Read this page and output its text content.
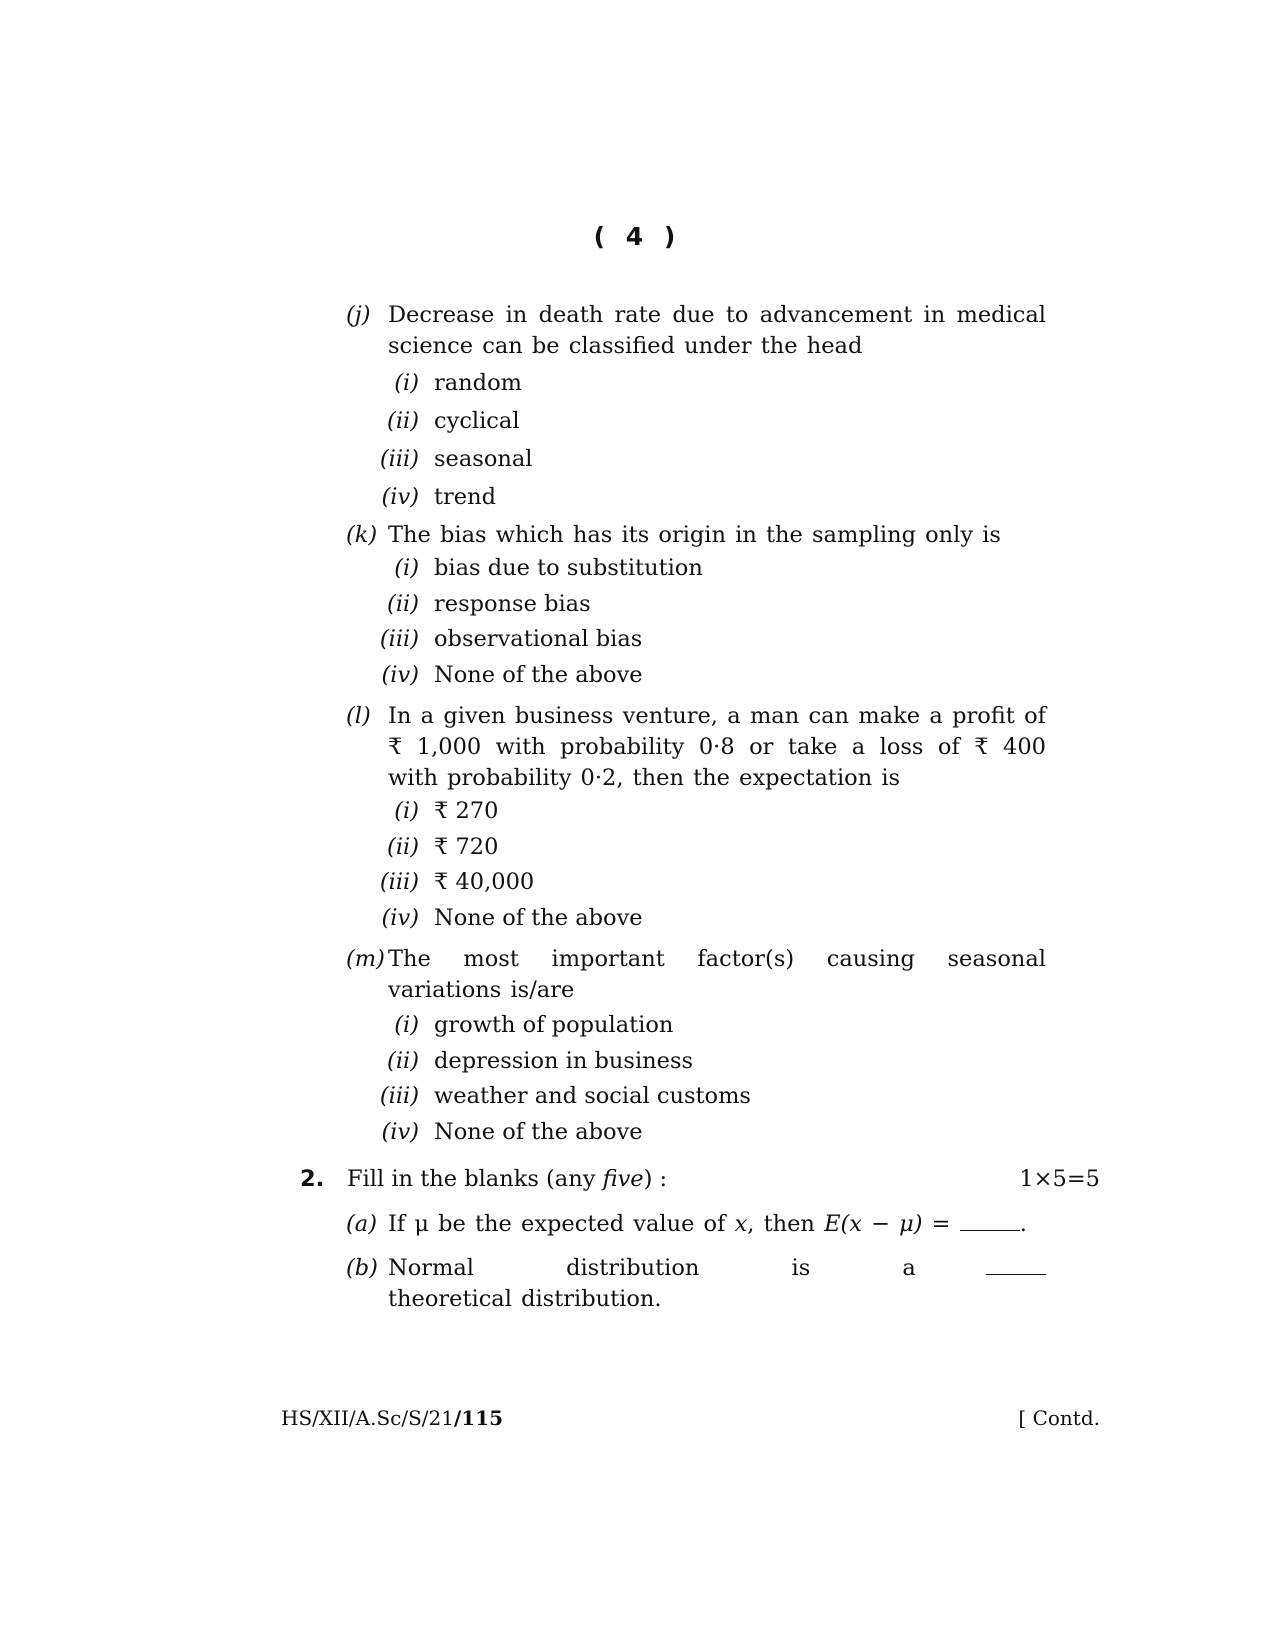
( 4 )
(j) Decrease in death rate due to advancement in medical science can be classified under the head
(i) random
(ii) cyclical
(iii) seasonal
(iv) trend
(k) The bias which has its origin in the sampling only is
(i) bias due to substitution
(ii) response bias
(iii) observational bias
(iv) None of the above
(l) In a given business venture, a man can make a profit of ₹ 1,000 with probability 0·8 or take a loss of ₹ 400 with probability 0·2, then the expectation is
(i) ₹ 270
(ii) ₹ 720
(iii) ₹ 40,000
(iv) None of the above
(m) The most important factor(s) causing seasonal variations is/are
(i) growth of population
(ii) depression in business
(iii) weather and social customs
(iv) None of the above
2. Fill in the blanks (any five) :	1×5=5
(a) If μ be the expected value of x, then E(x − μ) =	.
(b) Normal distribution is a  theoretical distribution.
HS/XII/A.Sc/S/21/115	[ Contd.
